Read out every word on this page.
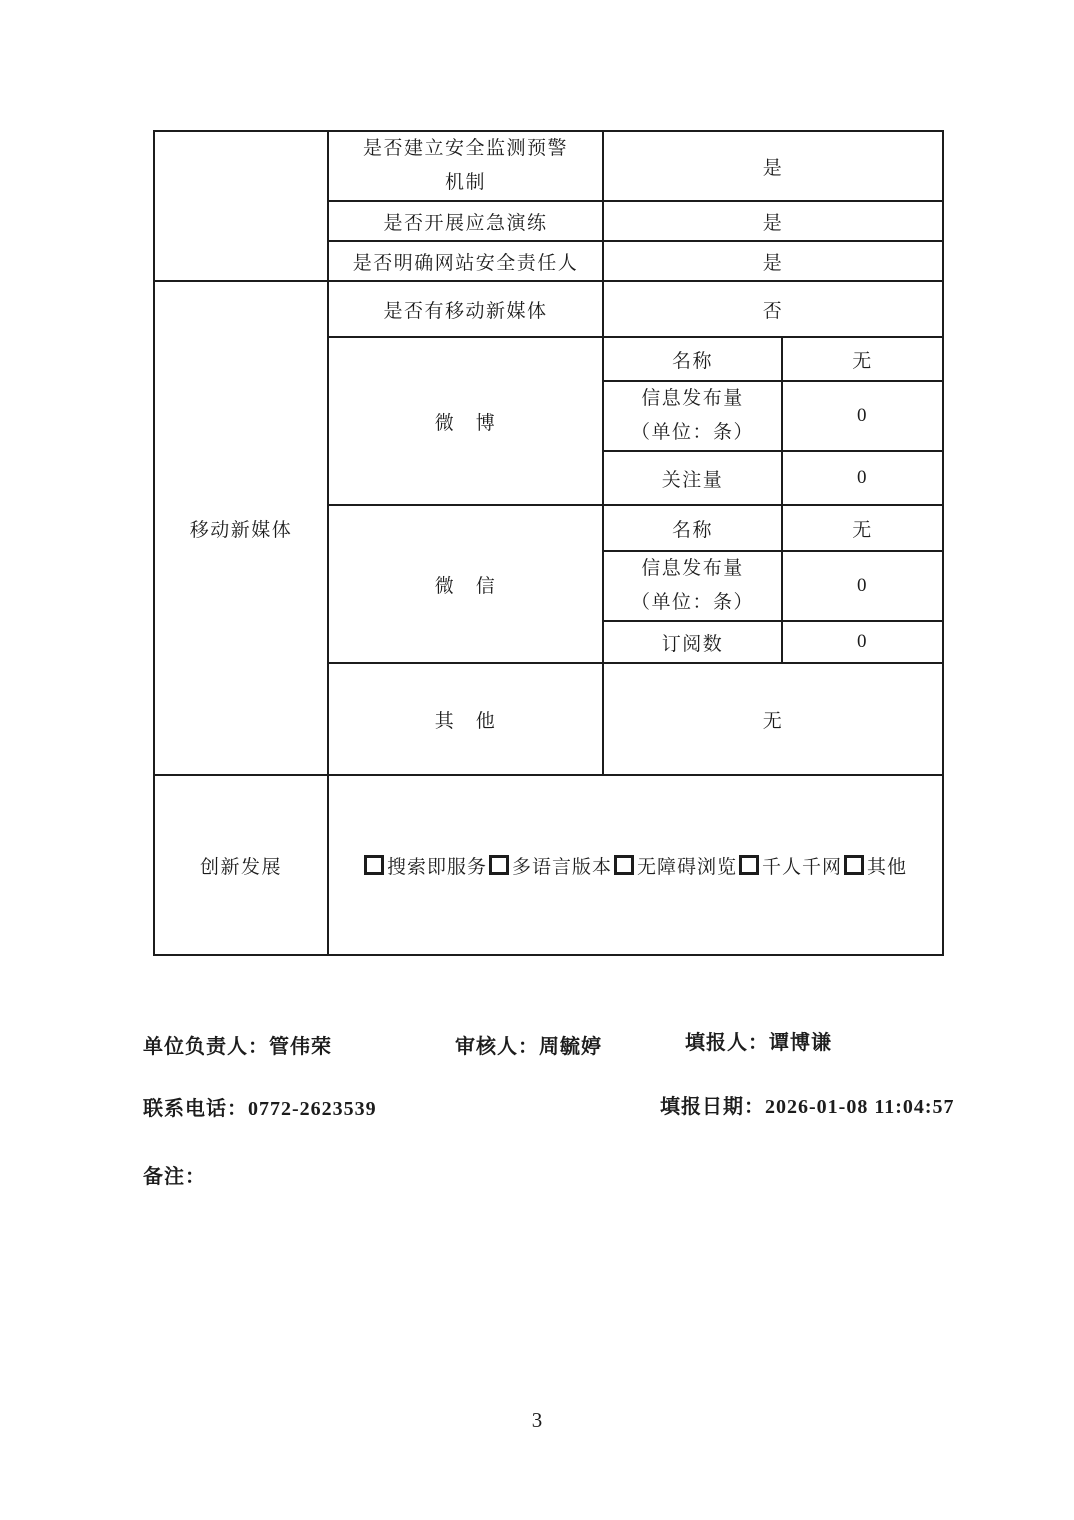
	是否建立安全监测预警
机制	是	
	是否开展应急演练	是	
	是否明确网站安全责任人	是	
移动新媒体	是否有移动新媒体	否	
	微　博	名称	无

		信息发布量
（单位：条）	0
		关注量	0
	微　信	名称	无

		信息发布量
（单位：条）	0
		订阅数	0
	其　他	无	
创新发展	搜索即服务 多语言版本 无障碍浏览 千人千网 其他		
单位负责人：管伟荣	审核人：周毓婷	填报人：谭博谦
联系电话：0772-2623539	填报日期：2026-01-08 11:04:57
备注：
3
